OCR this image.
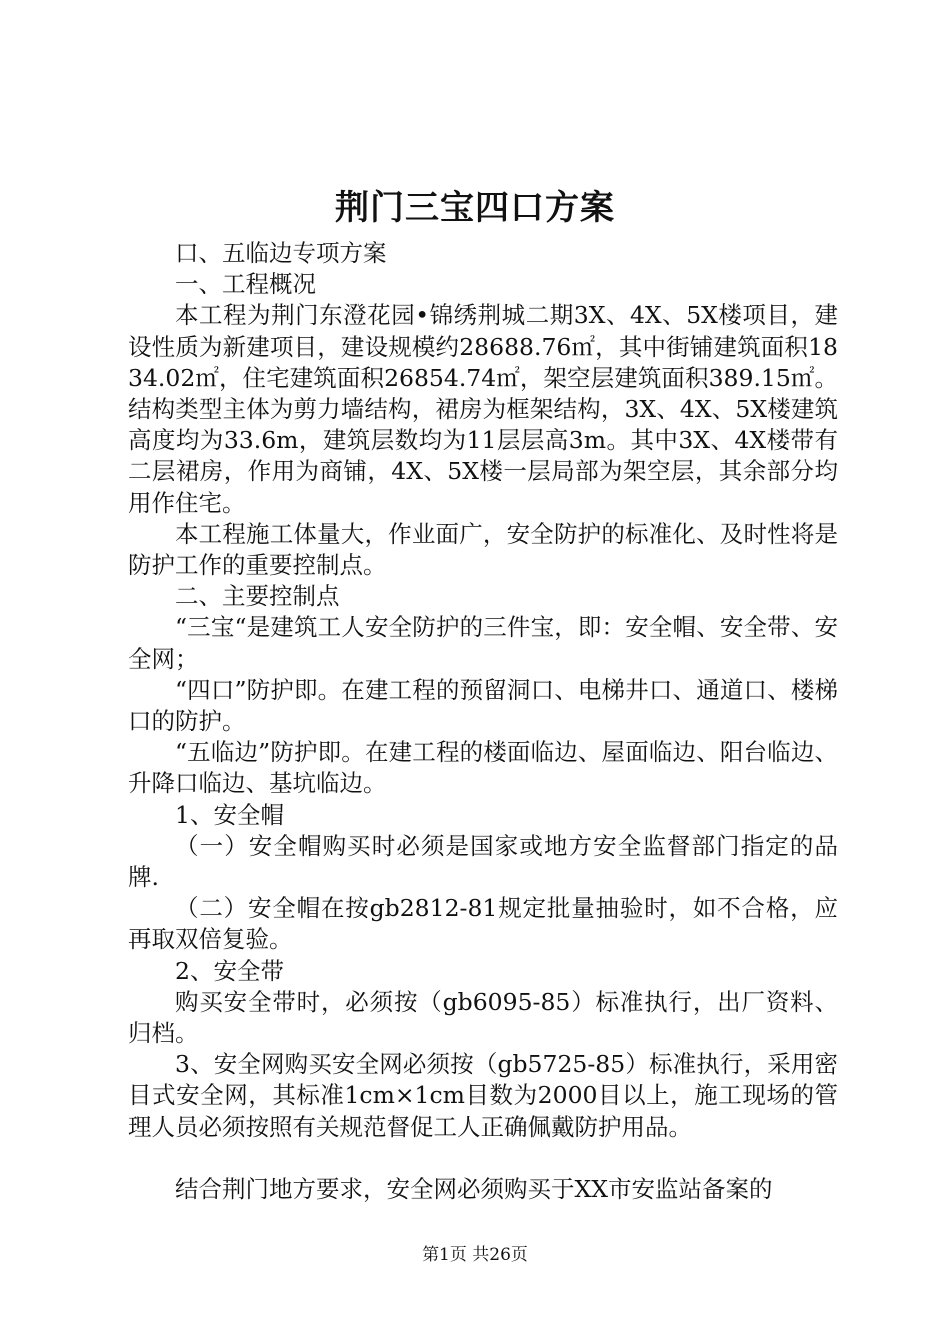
荆门三宝四口方案

口、五临边专项方案

一、工程概况

本工程为荆门东澄花园•锦绣荆城二期3X、4X、5X楼项目，建设性质为新建项目，建设规模约28688.76㎡，其中街铺建筑面积1834.02㎡，住宅建筑面积26854.74㎡，架空层建筑面积389.15㎡。结构类型主体为剪力墙结构，裙房为框架结构，3X、4X、5X楼建筑高度均为33.6m，建筑层数均为11层层高3m。其中3X、4X楼带有二层裙房，作用为商铺，4X、5X楼一层局部为架空层，其余部分均用作住宅。

本工程施工体量大，作业面广，安全防护的标准化、及时性将是防护工作的重要控制点。

二、主要控制点

“三宝“是建筑工人安全防护的三件宝，即：安全帽、安全带、安全网；

“四口”防护即。在建工程的预留洞口、电梯井口、通道口、楼梯口的防护。

“五临边”防护即。在建工程的楼面临边、屋面临边、阳台临边、升降口临边、基坑临边。

1、安全帽

（一）安全帽购买时必须是国家或地方安全监督部门指定的品牌.

（二）安全帽在按gb2812-81规定批量抽验时，如不合格，应再取双倍复验。

2、安全带

购买安全带时，必须按（gb6095-85）标准执行，出厂资料、归档。

3、安全网购买安全网必须按（gb5725-85）标准执行，采用密目式安全网，其标准1cm×1cm目数为2000目以上，施工现场的管理人员必须按照有关规范督促工人正确佩戴防护用品。

结合荆门地方要求，安全网必须购买于XX市安监站备案的

第1页 共26页
